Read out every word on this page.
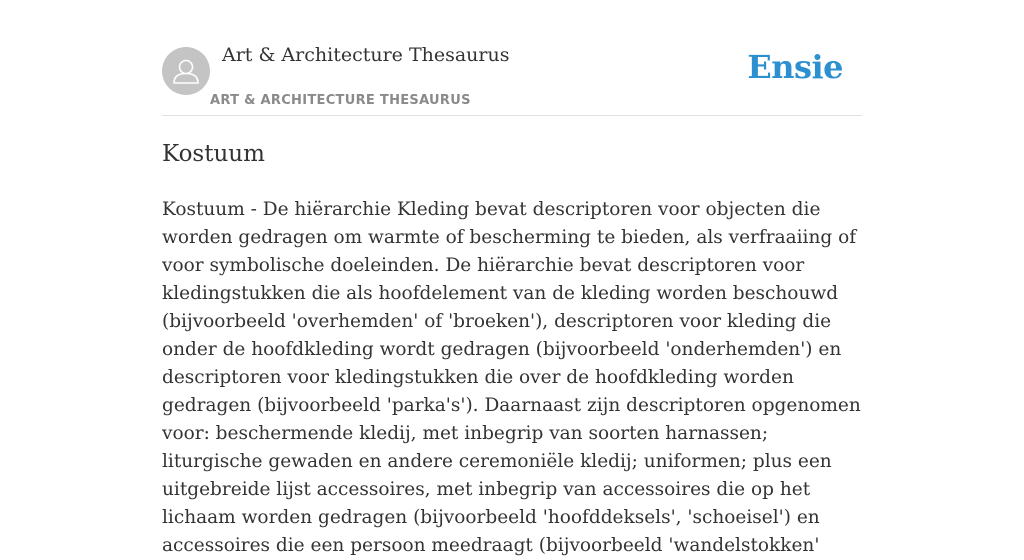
Art & Architecture Thesaurus
ART & ARCHITECTURE THESAURUS
Ensie
Kostuum

Kostuum - De hiërarchie Kleding bevat descriptoren voor objecten die worden gedragen om warmte of bescherming te bieden, als verfraaiing of voor symbolische doeleinden. De hiërarchie bevat descriptoren voor kledingstukken die als hoofdelement van de kleding worden beschouwd (bijvoorbeeld 'overhemden' of 'broeken'), descriptoren voor kleding die onder de hoofdkleding wordt gedragen (bijvoorbeeld 'onderhemden') en descriptoren voor kledingstukken die over de hoofdkleding worden gedragen (bijvoorbeeld 'parka's'). Daarnaast zijn descriptoren opgenomen voor: beschermende kledij, met inbegrip van soorten harnassen; liturgische gewaden en andere ceremoniële kledij; uniformen; plus een uitgebreide lijst accessoires, met inbegrip van accessoires die op het lichaam worden gedragen (bijvoorbeeld 'hoofddeksels', 'schoeisel') en accessoires die een persoon meedraagt (bijvoorbeeld 'wandelstokken'
